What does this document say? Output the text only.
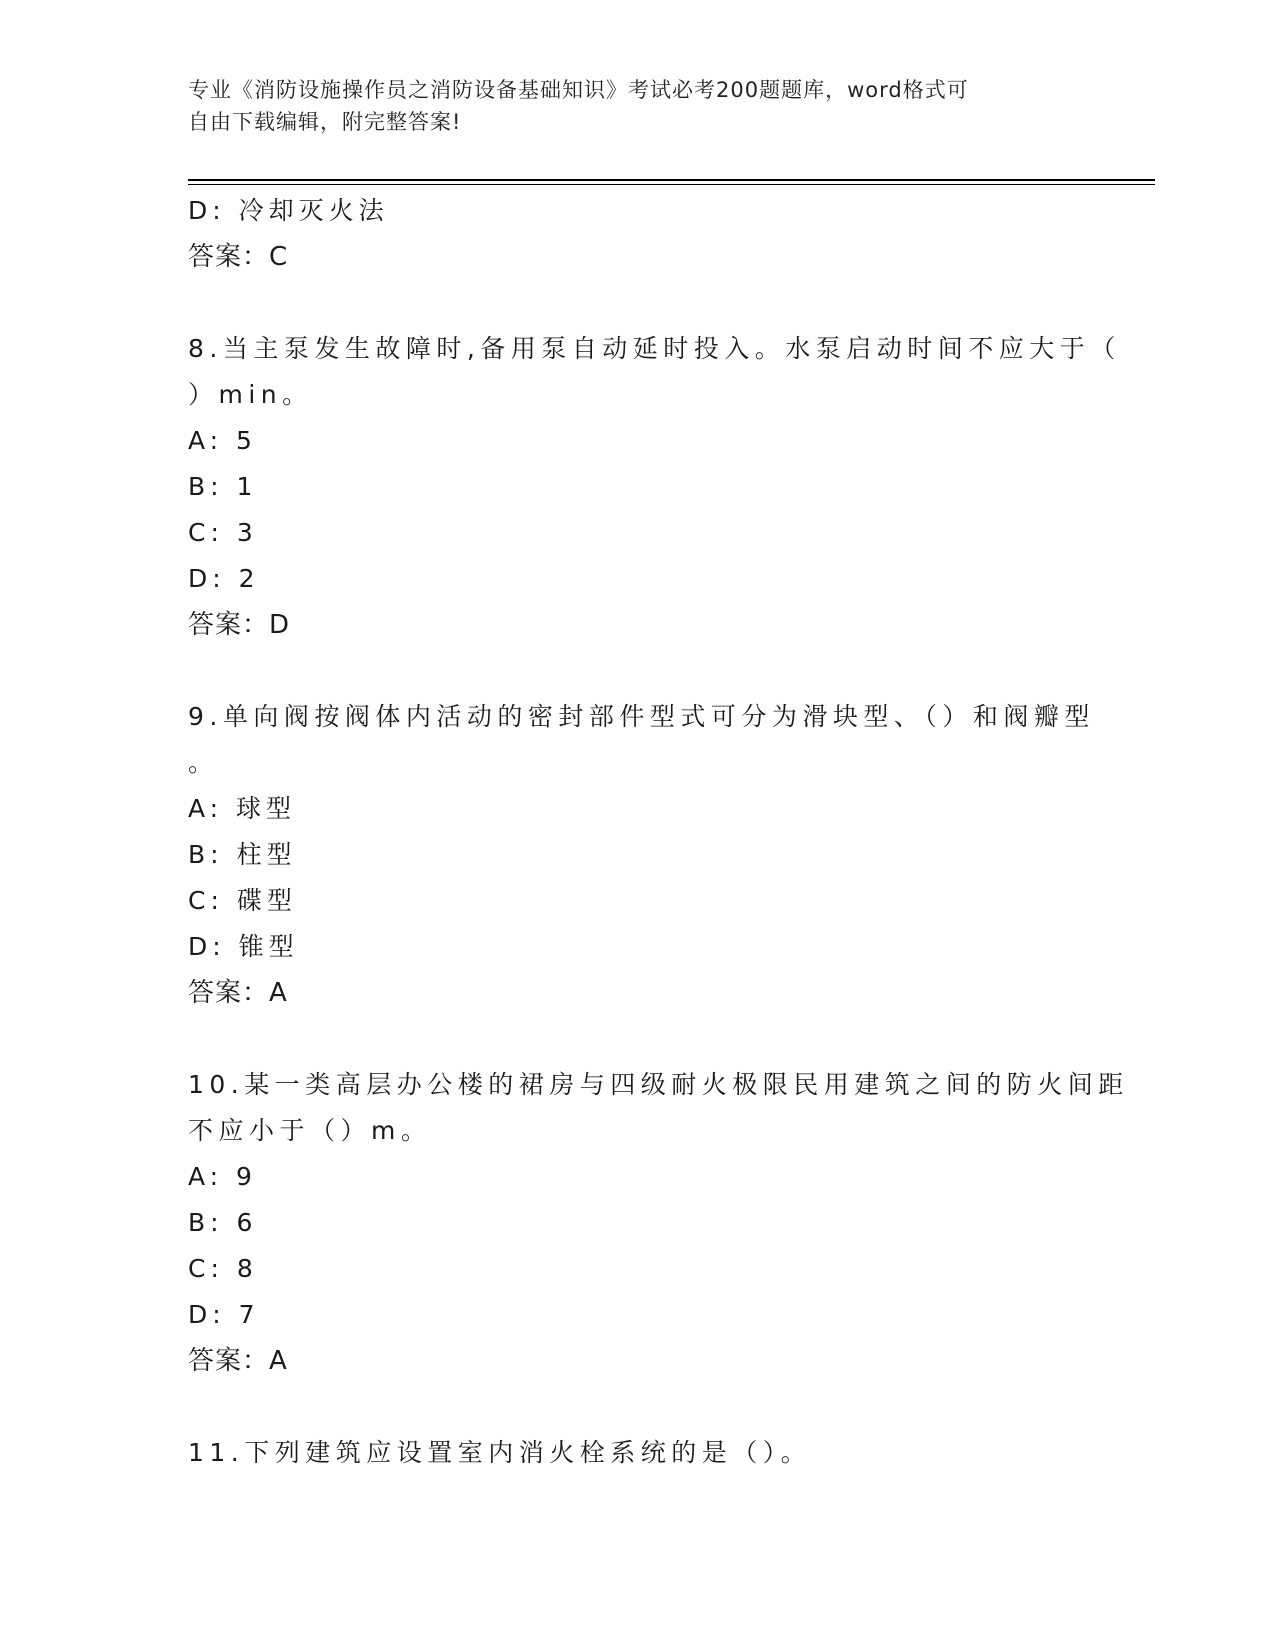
专业《消防设施操作员之消防设备基础知识》考试必考200题题库，word格式可
自由下载编辑，附完整答案!
D: 冷却灭火法
答案：C
8.当主泵发生故障时,备用泵自动延时投入。水泵启动时间不应大于（
）min。
A: 5
B: 1
C: 3
D: 2
答案：D
9.单向阀按阀体内活动的密封部件型式可分为滑块型、（）和阀瓣型
。
A: 球型
B: 柱型
C: 碟型
D: 锥型
答案：A
10.某一类高层办公楼的裙房与四级耐火极限民用建筑之间的防火间距
不应小于（）m。
A: 9
B: 6
C: 8
D: 7
答案：A
11.下列建筑应设置室内消火栓系统的是（）。
